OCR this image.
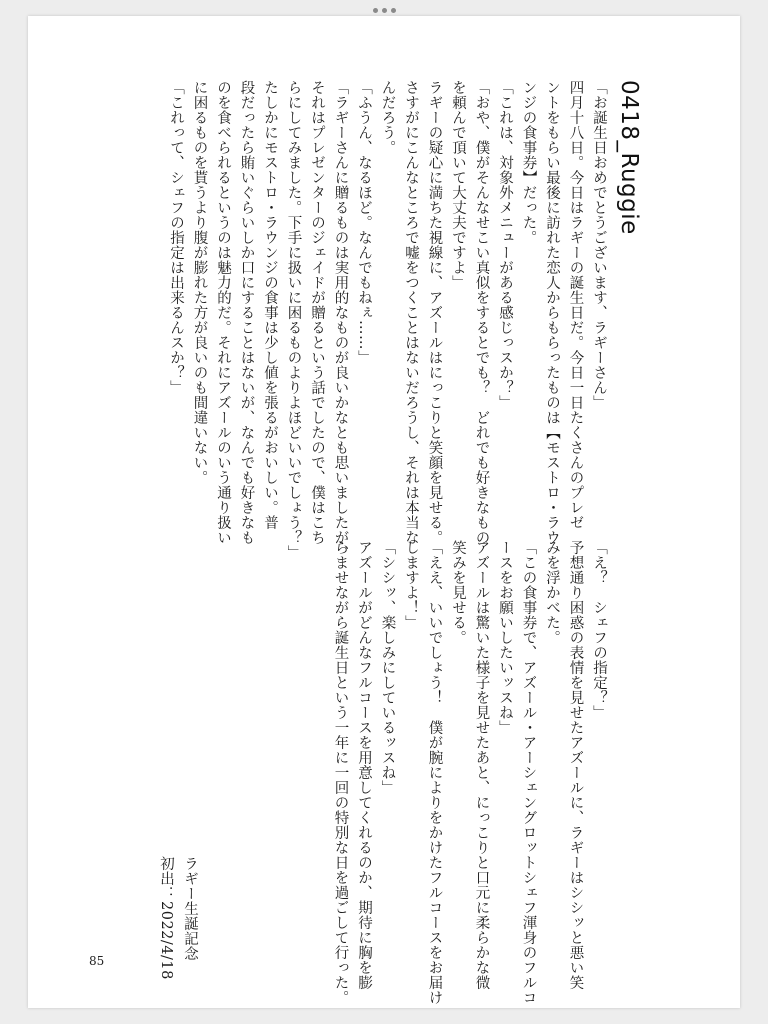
0418_Ruggie
「お誕生日おめでとうございます、ラギーさん」
四月十八日。今日はラギーの誕生日だ。今日一日たくさんのプレゼ
ントをもらい最後に訪れた恋人からもらったものは【モストロ・ラウ
ンジの食事券】だった。
「これは、対象外メニューがある感じっスか？」
「おや、僕がそんなせこい真似をするとでも？　どれでも好きなもの
を頼んで頂いて大丈夫ですよ」
ラギーの疑心に満ちた視線に、アズールはにっこりと笑顔を見せる。
さすがにこんなところで嘘をつくことはないだろうし、それは本当な
んだろう。
「ふうん、なるほど。なんでもねぇ……」
「ラギーさんに贈るものは実用的なものが良いかなとも思いましたが、
それはプレゼンターのジェイドが贈るという話でしたので、僕はこち
らにしてみました。下手に扱いに困るものよりよほどいいでしょう？」
たしかにモストロ・ラウンジの食事は少し値を張るがおいしい。普
段だったら賄いぐらいしか口にすることはないが、なんでも好きなも
のを食べられるというのは魅力的だ。それにアズールのいう通り扱い
に困るものを貰うより腹が膨れた方が良いのも間違いない。
「これって、シェフの指定は出来るんスか？」
「え？　シェフの指定？」
予想通り困惑の表情を見せたアズールに、ラギーはシシッと悪い笑
みを浮かべた。
「この食事券で、アズール・アーシェングロットシェフ渾身のフルコ
ースをお願いしたいッスね」
アズールは驚いた様子を見せたあと、にっこりと口元に柔らかな微
笑みを見せる。
「ええ、いいでしょう！　僕が腕によりをかけたフルコースをお届け
しますよ！」
「シシッ、楽しみにしているッスね」
アズールがどんなフルコースを用意してくれるのか、期待に胸を膨
らませながら誕生日という一年に一回の特別な日を過ごして行った。
ラギー生誕記念
初出：2022/4/18
85
